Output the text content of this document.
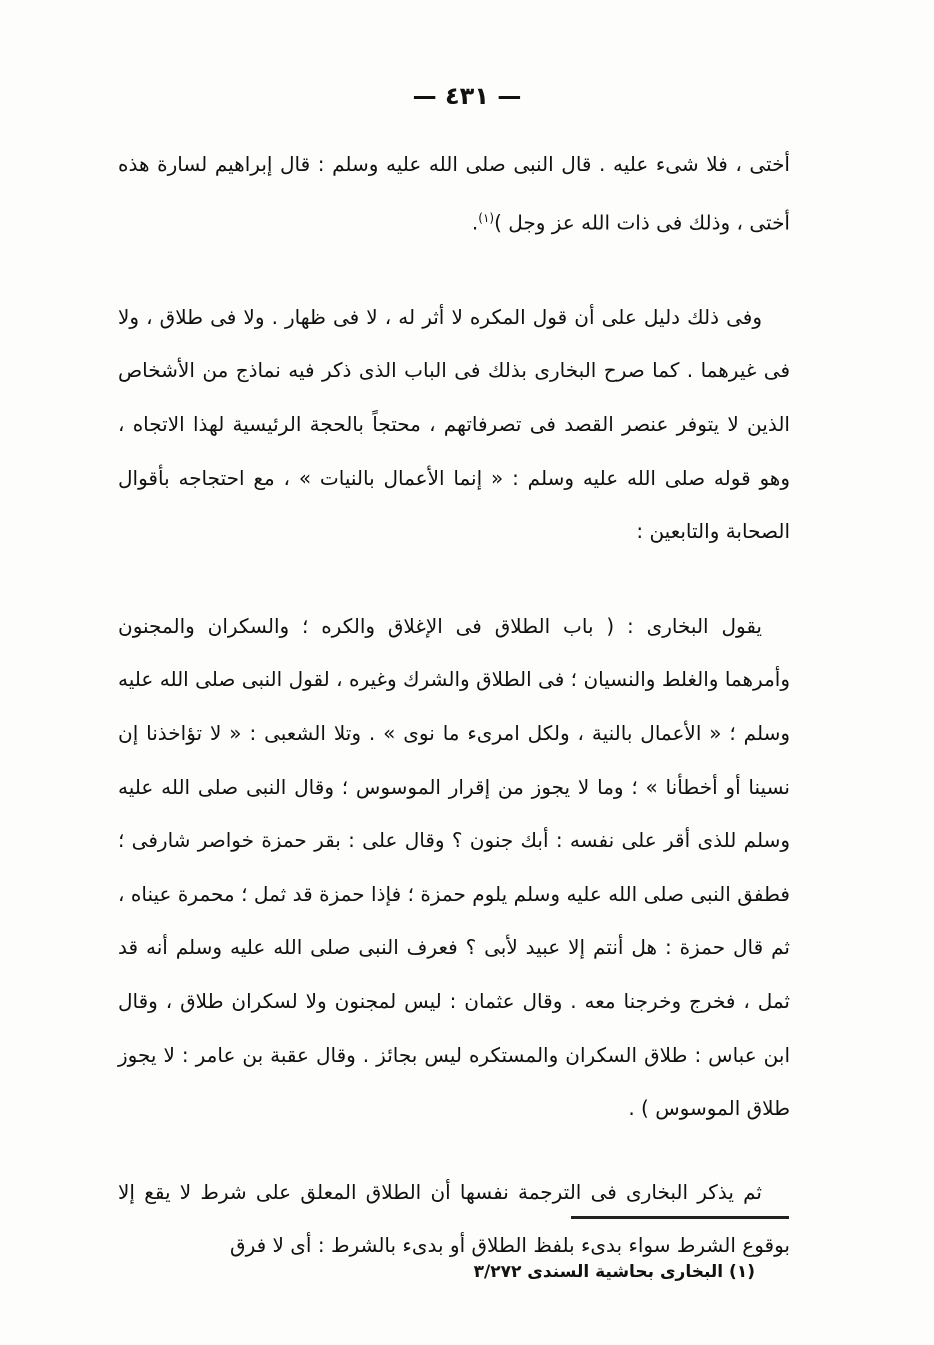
— ٤٣١ —

أختى ، فلا شىء عليه . قال النبى صلى الله عليه وسلم : قال إبراهيم لسارة هذه أختى ، وذلك فى ذات الله عز وجل )$^{(١)}$.

وفى ذلك دليل على أن قول المكره لا أثر له ، لا فى ظهار . ولا فى طلاق ، ولا فى غيرهما . كما صرح البخارى بذلك فى الباب الذى ذكر فيه نماذج من الأشخاص الذين لا يتوفر عنصر القصد فى تصرفاتهم ، محتجاً بالحجة الرئيسية لهذا الاتجاه ، وهو قوله صلى الله عليه وسلم : « إنما الأعمال بالنيات » ، مع احتجاجه بأقوال الصحابة والتابعين :

يقول البخارى : ( باب الطلاق فى الإغلاق والكره ؛ والسكران والمجنون وأمرهما والغلط والنسيان ؛ فى الطلاق والشرك وغيره ، لقول النبى صلى الله عليه وسلم ؛ « الأعمال بالنية ، ولكل امرىء ما نوى » . وتلا الشعبى : « لا تؤاخذنا إن نسينا أو أخطأنا » ؛ وما لا يجوز من إقرار الموسوس ؛ وقال النبى صلى الله عليه وسلم للذى أقر على نفسه : أبك جنون ؟ وقال على : بقر حمزة خواصر شارفى ؛ فطفق النبى صلى الله عليه وسلم يلوم حمزة ؛ فإذا حمزة قد ثمل ؛ محمرة عيناه ، ثم قال حمزة : هل أنتم إلا عبيد لأبى ؟ فعرف النبى صلى الله عليه وسلم أنه قد ثمل ، فخرج وخرجنا معه . وقال عثمان : ليس لمجنون ولا لسكران طلاق ، وقال ابن عباس : طلاق السكران والمستكره ليس بجائز . وقال عقبة بن عامر : لا يجوز طلاق الموسوس ) .

ثم يذكر البخارى فى الترجمة نفسها أن الطلاق المعلق على شرط لا يقع إلا بوقوع الشرط سواء بدىء بلفظ الطلاق أو بدىء بالشرط : أى لا فرق

(١) البخارى بحاشية السندى ٣/٢٧٢
